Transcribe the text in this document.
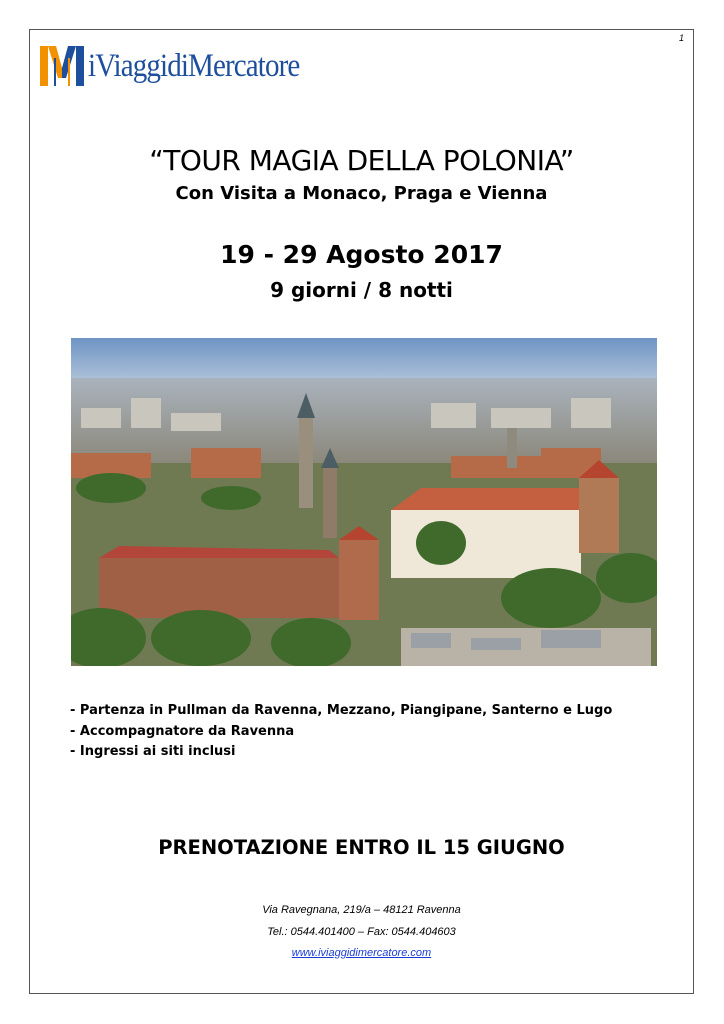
1
iViaggidiMercatore
“TOUR MAGIA DELLA POLONIA”
Con Visita a Monaco, Praga e Vienna
19 - 29 Agosto 2017
9 giorni / 8 notti
- Partenza in Pullman da Ravenna, Mezzano, Piangipane, Santerno e Lugo
- Accompagnatore da Ravenna
- Ingressi ai siti inclusi
PRENOTAZIONE ENTRO IL 15 GIUGNO
Via Ravegnana, 219/a – 48121 Ravenna
Tel.: 0544.401400 – Fax: 0544.404603
www.iviaggidimercatore.com
